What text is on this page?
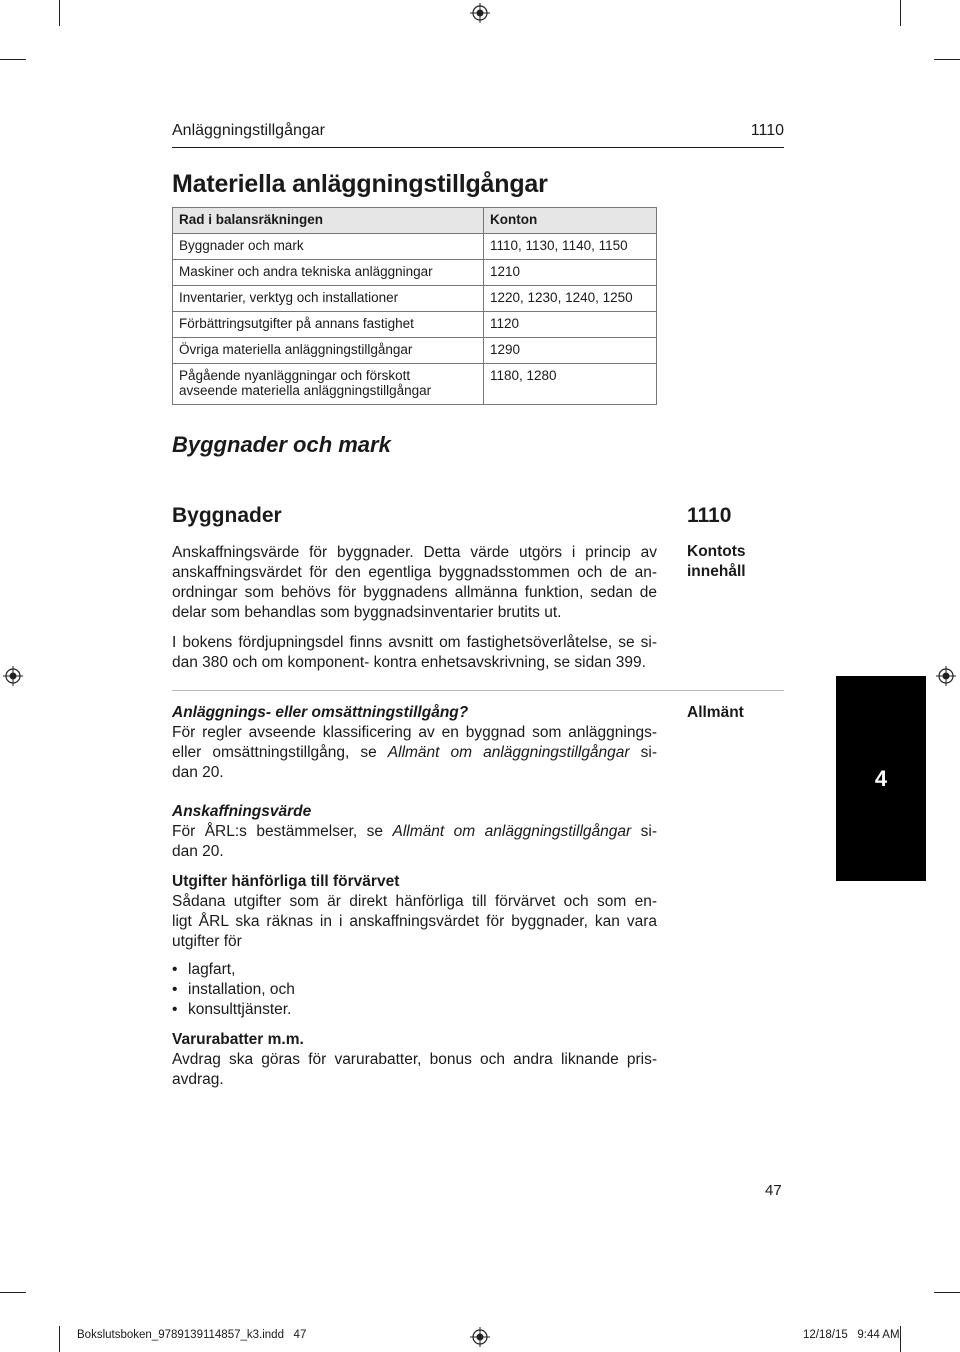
Anläggningstillgångar	1110
Materiella anläggningstillgångar
Rad i balansräkningen	Konton
Byggnader och mark	1110, 1130, 1140, 1150
Maskiner och andra tekniska anläggningar	1210
Inventarier, verktyg och installationer	1220, 1230, 1240, 1250
Förbättringsutgifter på annans fastighet	1120
Övriga materiella anläggningstillgångar	1290

Pågående nyanläggningar och förskott
avseende materiella anläggningstillgångar	1180, 1280
Byggnader och mark
Byggnader	1110
Kontots
innehåll
Anskaffningsvärde för byggnader. Detta värde utgörs i princip av
anskaffningsvärdet för den egentliga byggnadsstommen och de an-
ordningar som behövs för byggnadens allmänna funktion, sedan de
delar som behandlas som byggnadsinventarier brutits ut.
I bokens fördjupningsdel finns avsnitt om fastighetsöverlåtelse, se si-
dan 380 och om komponent- kontra enhetsavskrivning, se sidan 399.
Allmänt
Anläggnings- eller omsättningstillgång?
För regler avseende klassificering av en byggnad som anläggnings-
eller omsättningstillgång, se Allmänt om anläggningstillgångar si-
dan 20.
Anskaffningsvärde
För ÅRL:s bestämmelser, se Allmänt om anläggningstillgångar si-
dan 20.
Utgifter hänförliga till förvärvet
Sådana utgifter som är direkt hänförliga till förvärvet och som en-
ligt ÅRL ska räknas in i anskaffningsvärdet för byggnader, kan vara
utgifter för
• lagfart,
• installation, och
• konsulttjänster.
Varurabatter m.m.
Avdrag ska göras för varurabatter, bonus och andra liknande pris-
avdrag.
4
47
Bokslutsboken_9789139114857_k3.indd   47	12/18/15   9:44 AM
